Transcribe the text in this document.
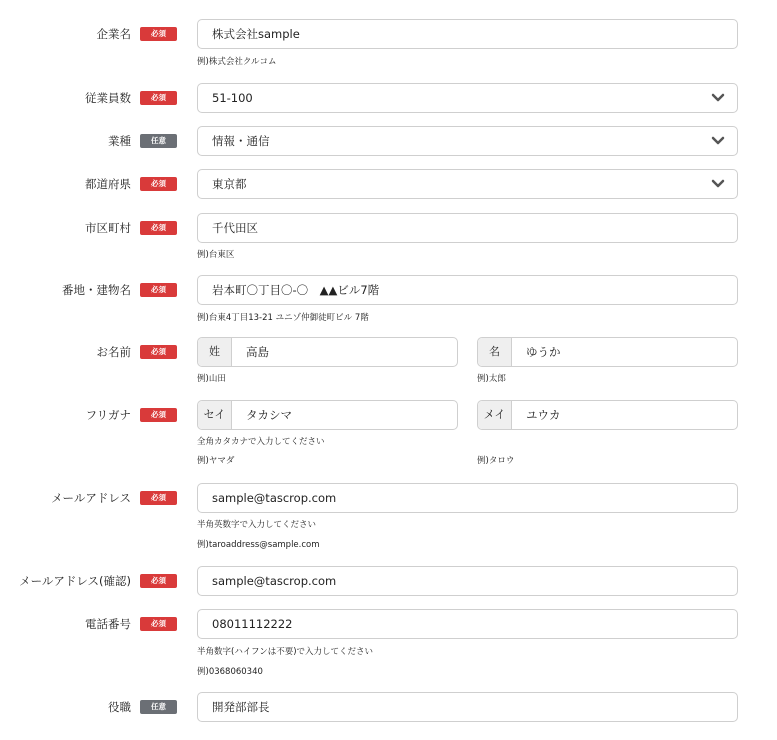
企業名	必須	株式会社sample
例)株式会社クルコム
従業員数	必須	51-100
業種	任意	情報・通信
都道府県	必須	東京都
市区町村	必須	千代田区
例)台東区
番地・建物名	必須	岩本町〇丁目〇-〇　▲▲ビル7階
例)台東4丁目13-21 ユニゾ仲御徒町ビル 7階
お名前	必須	姓 高島	名 ゆうか
例)山田	例)太郎
フリガナ	必須	セイ タカシマ	メイ ユウカ
全角カタカナで入力してください
例)ヤマダ	例)タロウ
メールアドレス	必須	sample@tascrop.com
半角英数字で入力してください
例)taroaddress@sample.com
メールアドレス(確認)	必須	sample@tascrop.com
電話番号	必須	08011112222
半角数字(ハイフンは不要)で入力してください
例)0368060340
役職	任意	開発部部長
